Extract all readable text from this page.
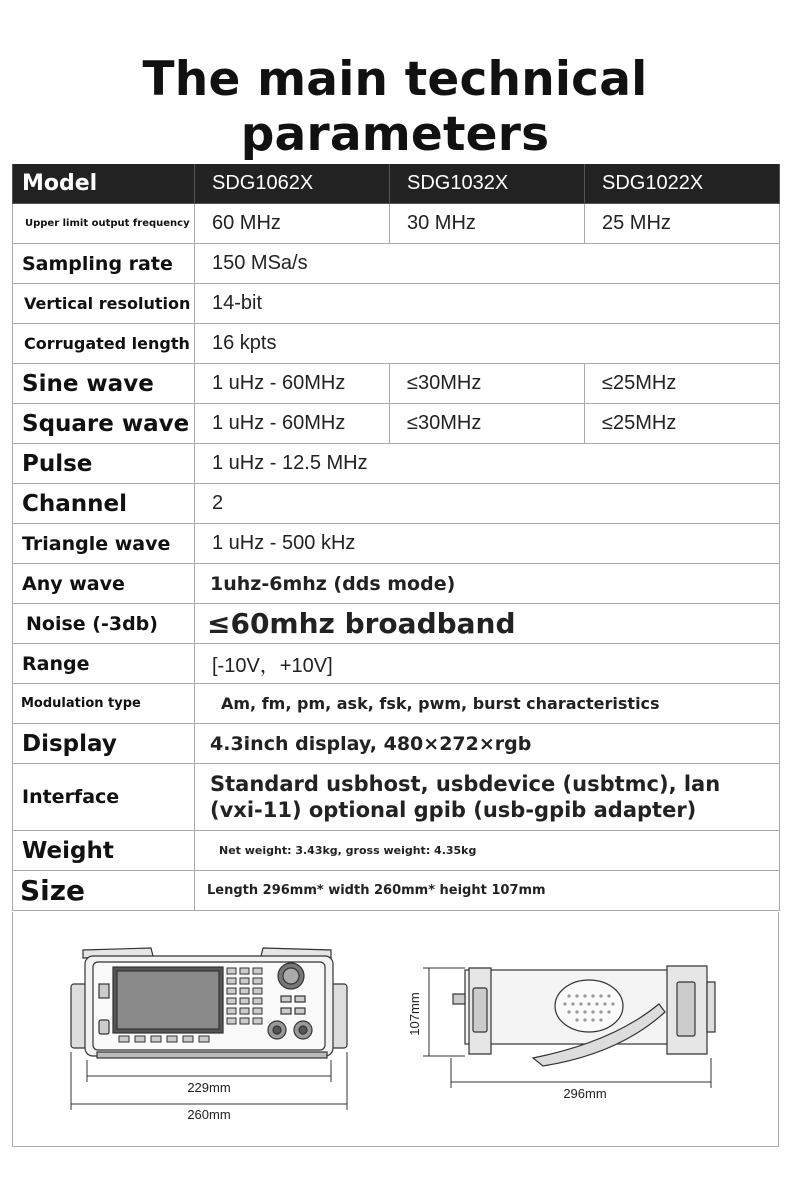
The main technical parameters
Model	SDG1062X	SDG1032X	SDG1022X
Upper limit output frequency	60 MHz	30 MHz	25 MHz
Sampling rate	150 MSa/s		
Vertical resolution	14-bit		
Corrugated length	16 kpts		
Sine wave	1 uHz - 60MHz	≤30MHz	≤25MHz
Square wave	1 uHz - 60MHz	≤30MHz	≤25MHz
Pulse	1 uHz - 12.5 MHz		
Channel	2		
Triangle wave	1 uHz - 500 kHz		
Any wave	1uhz-6mhz (dds mode)		
Noise (-3db)	≤60mhz broadband		
Range	[-10V，+10V]		
Modulation type	Am, fm, pm, ask, fsk, pwm, burst characteristics		
Display	4.3inch display, 480×272×rgb		
Interface	Standard usbhost, usbdevice (usbtmc), lan
(vxi-11) optional gpib (usb-gpib adapter)		

Weight	Net weight: 3.43kg, gross weight: 4.35kg		
Size	Length 296mm* width 260mm* height 107mm		
229mm
260mm
107mm
296mm
